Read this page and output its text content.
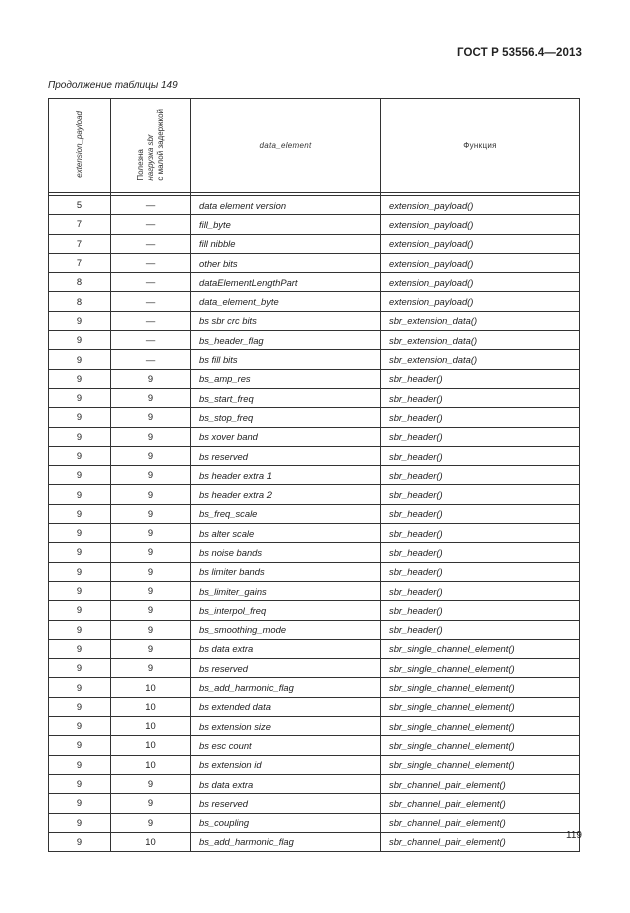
ГОСТ Р 53556.4—2013
Продолжение таблицы 149
extension_payload	Полезна нагрузка sbr с малой задержкой	data_element	Функция

5	—	data element version	extension_payload()
7	—	fill_byte	extension_payload()
7	—	fill nibble	extension_payload()
7	—	other bits	extension_payload()
8	—	dataElementLengthPart	extension_payload()
8	—	data_element_byte	extension_payload()
9	—	bs sbr crc bits	sbr_extension_data()
9	—	bs_header_flag	sbr_extension_data()
9	—	bs fill bits	sbr_extension_data()
9	9	bs_amp_res	sbr_header()
9	9	bs_start_freq	sbr_header()
9	9	bs_stop_freq	sbr_header()
9	9	bs xover band	sbr_header()
9	9	bs reserved	sbr_header()
9	9	bs header extra 1	sbr_header()
9	9	bs header extra 2	sbr_header()
9	9	bs_freq_scale	sbr_header()
9	9	bs alter scale	sbr_header()
9	9	bs noise bands	sbr_header()
9	9	bs limiter bands	sbr_header()
9	9	bs_limiter_gains	sbr_header()
9	9	bs_interpol_freq	sbr_header()
9	9	bs_smoothing_mode	sbr_header()
9	9	bs data extra	sbr_single_channel_element()
9	9	bs reserved	sbr_single_channel_element()
9	10	bs_add_harmonic_flag	sbr_single_channel_element()
9	10	bs extended data	sbr_single_channel_element()
9	10	bs extension size	sbr_single_channel_element()
9	10	bs esc count	sbr_single_channel_element()
9	10	bs extension id	sbr_single_channel_element()
9	9	bs data extra	sbr_channel_pair_element()
9	9	bs reserved	sbr_channel_pair_element()
9	9	bs_coupling	sbr_channel_pair_element()
9	10	bs_add_harmonic_flag	sbr_channel_pair_element()
119
